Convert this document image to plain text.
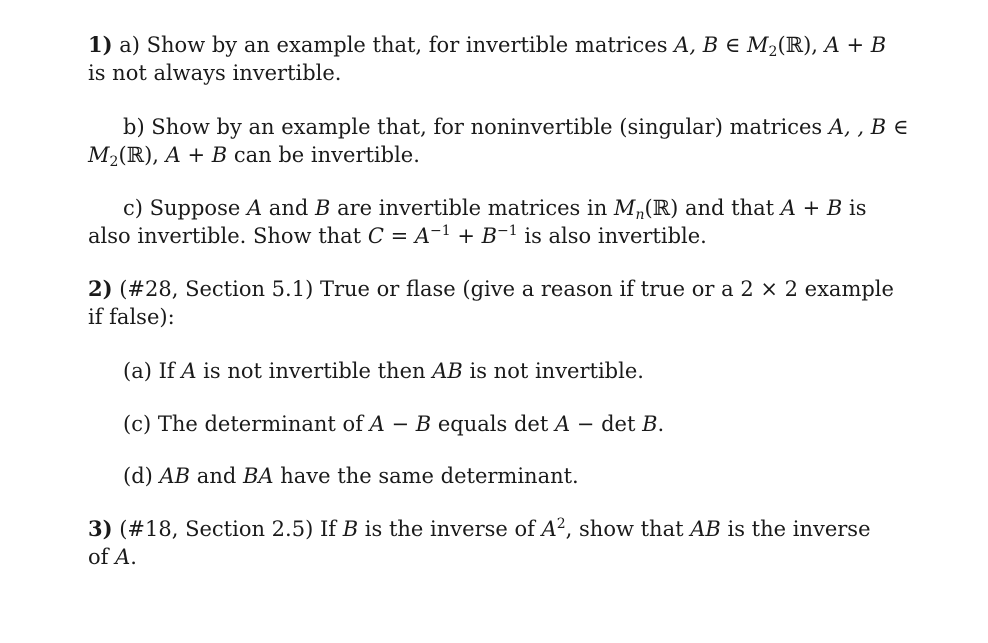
1) a) Show by an example that, for invertible matrices A, B ∈ $M_2(ℝ)$, A + B
is not always invertible.
b) Show by an example that, for noninvertible (singular) matrices A, , B ∈
$M_2(ℝ)$, A + B can be invertible.
c) Suppose A and B are invertible matrices in $M_n(ℝ)$ and that A + B is
also invertible. Show that $C = A^{-1} + B^{-1}$ is also invertible.
2) (#28, Section 5.1) True or flase (give a reason if true or a 2 × 2 example
if false):
(a) If A is not invertible then AB is not invertible.
(c) The determinant of A − B equals det A − det B.
(d) AB and BA have the same determinant.
3) (#18, Section 2.5) If B is the inverse of $A^2$, show that AB is the inverse
of A.
